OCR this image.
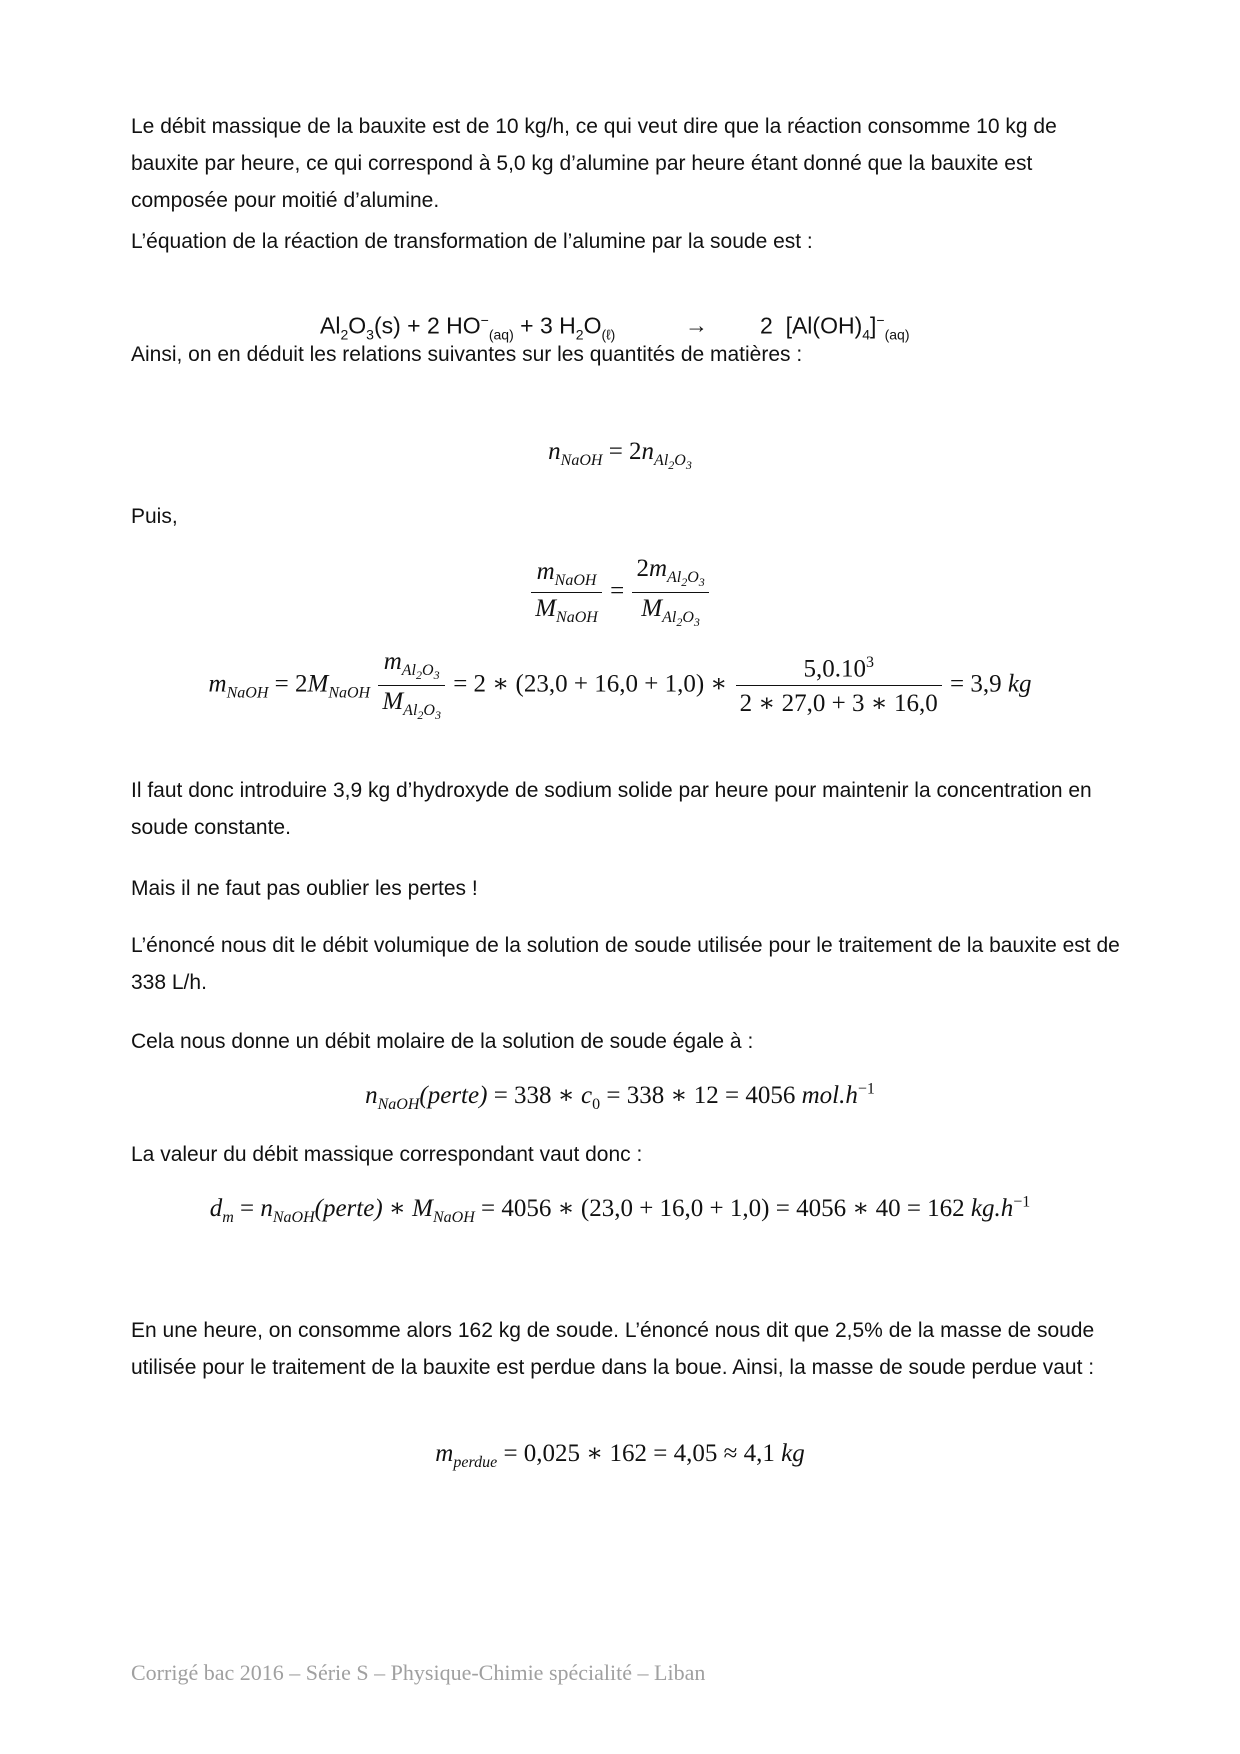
Le débit massique de la bauxite est de 10 kg/h, ce qui veut dire que la réaction consomme 10 kg de bauxite par heure, ce qui correspond à 5,0 kg d’alumine par heure étant donné que la bauxite est composée pour moitié d’alumine.

L’équation de la réaction de transformation de l’alumine par la soude est :

$Al_2O_3(s) + 2$ $HO^-_{(aq)} + 3$ $H_2O_{(\ell)}$	→ 2  $[Al(OH)_4]^-_{(aq)}$

Ainsi, on en déduit les relations suivantes sur les quantités de matières :

$n_{NaOH} = 2n_{Al_2O_3}$

Puis,

$\frac{m_{NaOH}}{M_{NaOH}} = \frac{2m_{Al_2O_3}}{M_{Al_2O_3}}$
$m_{NaOH} = 2M_{NaOH} \frac{m_{Al_2O_3}}{M_{Al_2O_3}} = 2$ ∗ (23,0 + 16,0 + 1,0) ∗ $\frac{5,0.10^3}{2 ∗ 27,0 + 3 ∗ 16,0} = 3,9$ kg

Il faut donc introduire 3,9 kg d’hydroxyde de sodium solide par heure pour maintenir la concentration en soude constante.

Mais il ne faut pas oublier les pertes !

L’énoncé nous dit le débit volumique de la solution de soude utilisée pour le traitement de la bauxite est de 338 L/h.

Cela nous donne un débit molaire de la solution de soude égale à :

$n_{NaOH}(perte) = 338$ ∗ $c_0 = 338$ ∗ 12 = 4056 $mol.h^{-1}$

La valeur du débit massique correspondant vaut donc :

$d_m$ = $n_{NaOH}(perte)$ ∗ $M_{NaOH} = 4056$ ∗ (23,0 + 16,0 + 1,0) = 4056 ∗ 40 = 162 $kg.h^{-1}$

En une heure, on consomme alors 162 kg de soude. L’énoncé nous dit que 2,5% de la masse de soude utilisée pour le traitement de la bauxite est perdue dans la boue. Ainsi, la masse de soude perdue vaut :

$m_{perdue} = 0,025$ ∗ 162 = 4,05 ≈ 4,1 kg
Corrigé bac 2016 – Série S – Physique-Chimie spécialité – Liban
